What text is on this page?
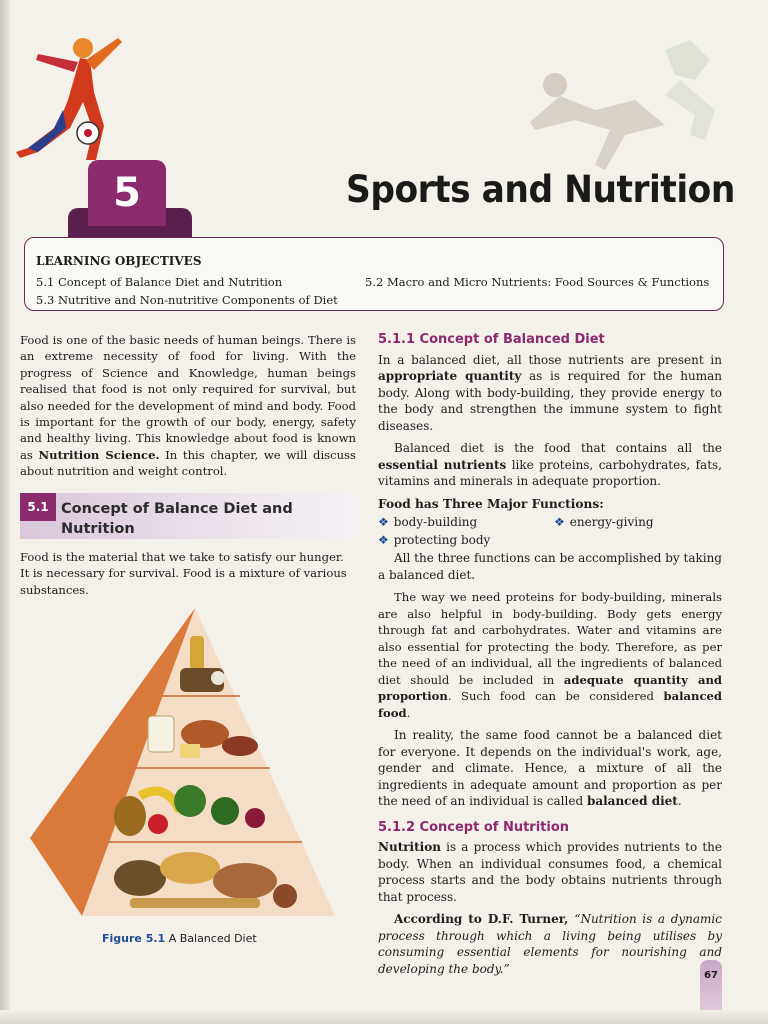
5	Sports and Nutrition
LEARNING OBJECTIVES
5.1 Concept of Balance Diet and Nutrition
5.3 Nutritive and Non-nutritive Components of Diet
5.2 Macro and Micro Nutrients: Food Sources & Functions

Food is one of the basic needs of human beings. There is an extreme necessity of food for living. With the progress of Science and Knowledge, human beings realised that food is not only required for survival, but also needed for the development of mind and body. Food is important for the growth of our body, energy, safety and healthy living. This knowledge about food is known as Nutrition Science. In this chapter, we will discuss about nutrition and weight control.

5.1 Concept of Balance Diet and Nutrition
Food is the material that we take to satisfy our hunger. It is necessary for survival. Food is a mixture of various substances.
Figure 5.1 A Balanced Diet
5.1.1 Concept of Balanced Diet

In a balanced diet, all those nutrients are present in appropriate quantity as is required for the human body. Along with body-building, they provide energy to the body and strengthen the immune system to fight diseases.

Balanced diet is the food that contains all the essential nutrients like proteins, carbohydrates, fats, vitamins and minerals in adequate proportion.

Food has Three Major Functions:
❖ body-building	❖ energy-giving
❖ protecting body

All the three functions can be accomplished by taking a balanced diet.

The way we need proteins for body-building, minerals are also helpful in body-building. Body gets energy through fat and carbohydrates. Water and vitamins are also essential for protecting the body. Therefore, as per the need of an individual, all the ingredients of balanced diet should be included in adequate quantity and proportion. Such food can be considered balanced food.

In reality, the same food cannot be a balanced diet for everyone. It depends on the individual's work, age, gender and climate. Hence, a mixture of all the ingredients in adequate amount and proportion as per the need of an individual is called balanced diet.

5.1.2 Concept of Nutrition

Nutrition is a process which provides nutrients to the body. When an individual consumes food, a chemical process starts and the body obtains nutrients through that process.

According to D.F. Turner, “Nutrition is a dynamic process through which a living being utilises by consuming essential elements for nourishing and developing the body.”	67
